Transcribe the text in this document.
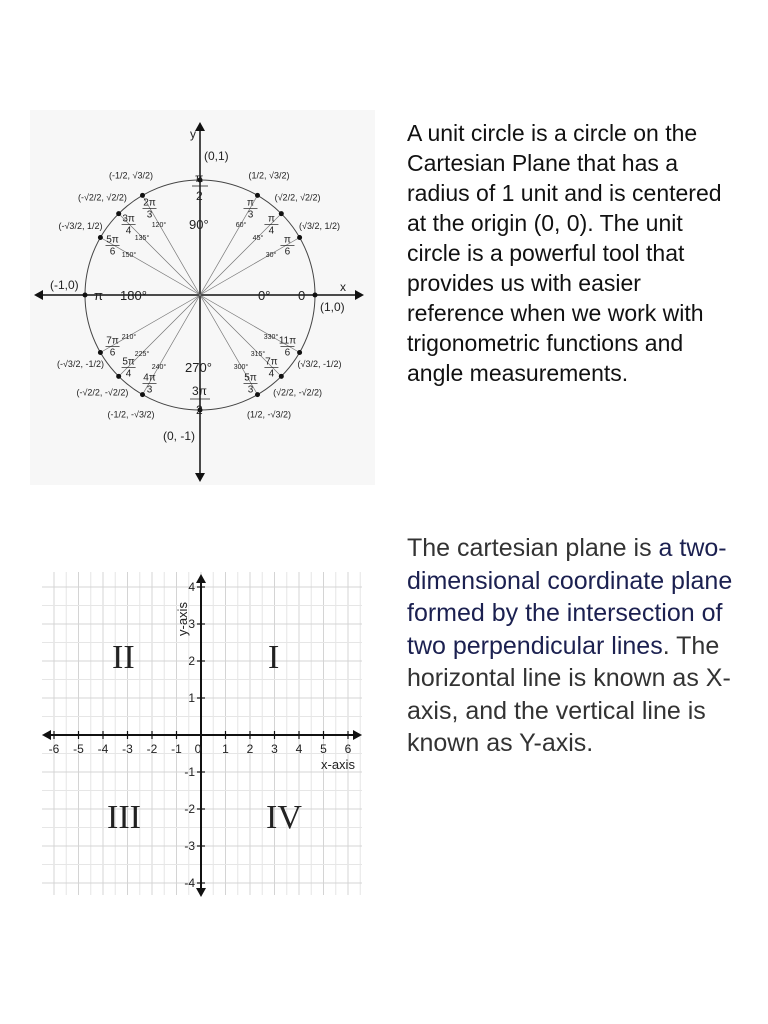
y
x
(0,1)
(0, -1)
(-1,0)
(1,0)
90°
180°	0° 0
π
270°
π
2
3π
2
30°
45°
60°
120°
135°
150°
210°
225°
240°	300°
315°
330°
π
6
π
4
π
3
2π
3
3π
4
5π
6
7π
6
5π
4 4π
3
5π
3
7π
4
11π
6
(√3/2, 1/2)
(√2/2, √2/2)
(1/2, √3/2)
(-1/2, √3/2)
(-√2/2, √2/2)
(-√3/2, 1/2)
(-√3/2, -1/2)
(-√2/2, -√2/2)
(-1/2, -√3/2)	(1/2, -√3/2)
(√2/2, -√2/2)
(√3/2, -1/2)
A unit circle is a circle on the Cartesian Plane that has a radius of 1 unit and is centered at the origin (0, 0). The unit circle is a powerful tool that provides us with easier reference when we work with trigonometric functions and angle measurements.
-6 -5 -4 -3 -2 -1 0 1 2 3 4 5 6
4
3
2
1
-1
-2
-3
-4
x-axis
y-axis
I
II
III	IV
The cartesian plane is a two-dimensional coordinate plane formed by the intersection of two perpendicular lines. The horizontal line is known as X-axis, and the vertical line is known as Y-axis.
